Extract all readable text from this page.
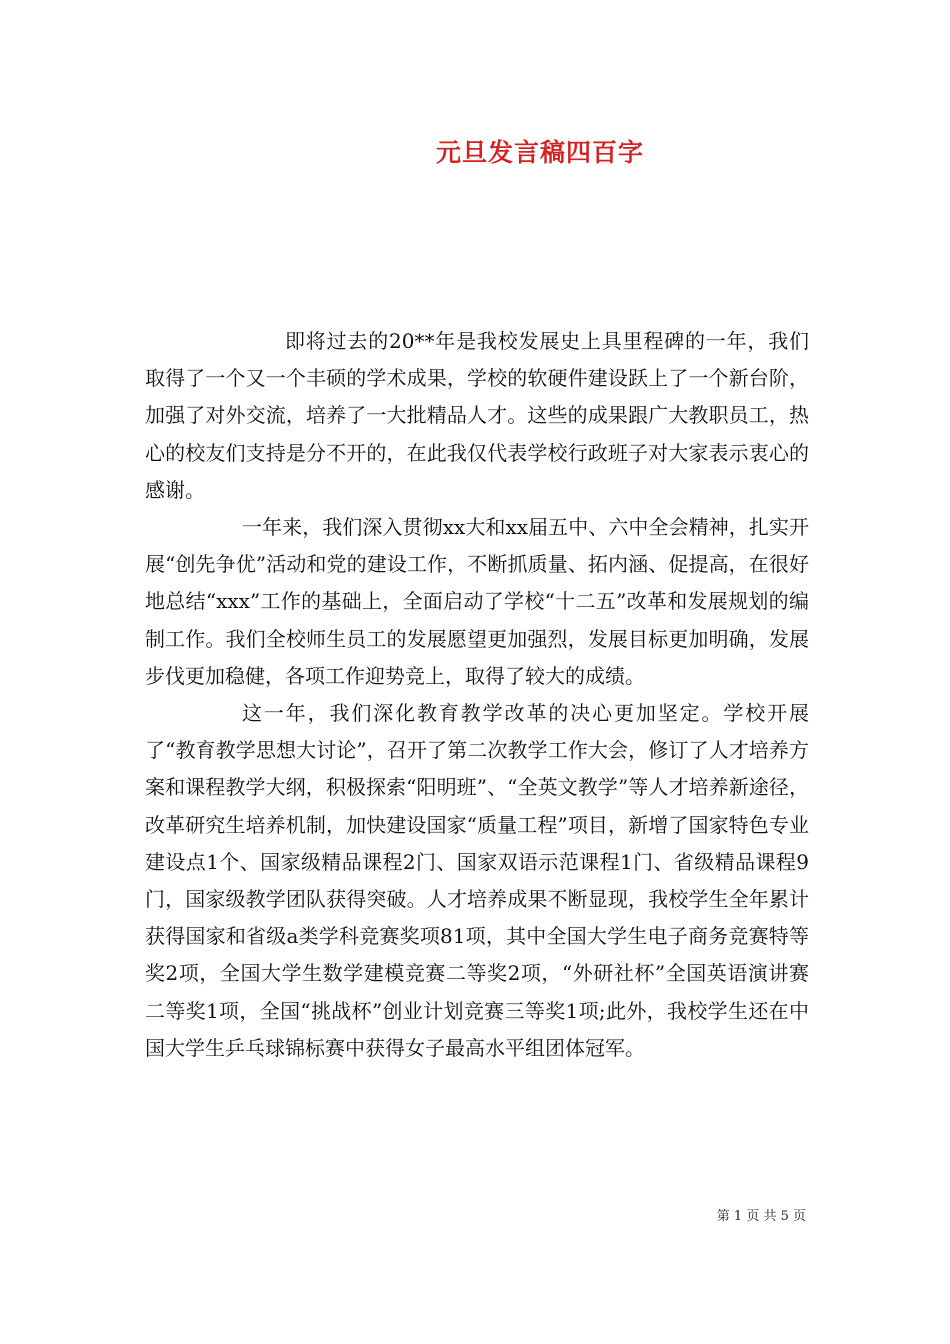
元旦发言稿四百字

即将过去的20**年是我校发展史上具里程碑的一年，我们取得了一个又一个丰硕的学术成果，学校的软硬件建设跃上了一个新台阶，加强了对外交流，培养了一大批精品人才。这些的成果跟广大教职员工，热心的校友们支持是分不开的，在此我仅代表学校行政班子对大家表示衷心的感谢。

一年来，我们深入贯彻xx大和xx届五中、六中全会精神，扎实开展“创先争优”活动和党的建设工作，不断抓质量、拓内涵、促提高，在很好地总结“xxx”工作的基础上，全面启动了学校“十二五”改革和发展规划的编制工作。我们全校师生员工的发展愿望更加强烈，发展目标更加明确，发展步伐更加稳健，各项工作迎势竞上，取得了较大的成绩。

这一年，我们深化教育教学改革的决心更加坚定。学校开展了“教育教学思想大讨论”，召开了第二次教学工作大会，修订了人才培养方案和课程教学大纲，积极探索“阳明班”、“全英文教学”等人才培养新途径，改革研究生培养机制，加快建设国家“质量工程”项目，新增了国家特色专业建设点1个、国家级精品课程2门、国家双语示范课程1门、省级精品课程9门，国家级教学团队获得突破。人才培养成果不断显现，我校学生全年累计获得国家和省级a类学科竞赛奖项81项，其中全国大学生电子商务竞赛特等奖2项，全国大学生数学建模竞赛二等奖2项，“外研社杯”全国英语演讲赛二等奖1项，全国“挑战杯”创业计划竞赛三等奖1项;此外，我校学生还在中国大学生乒乓球锦标赛中获得女子最高水平组团体冠军。

第 1 页 共 5 页
